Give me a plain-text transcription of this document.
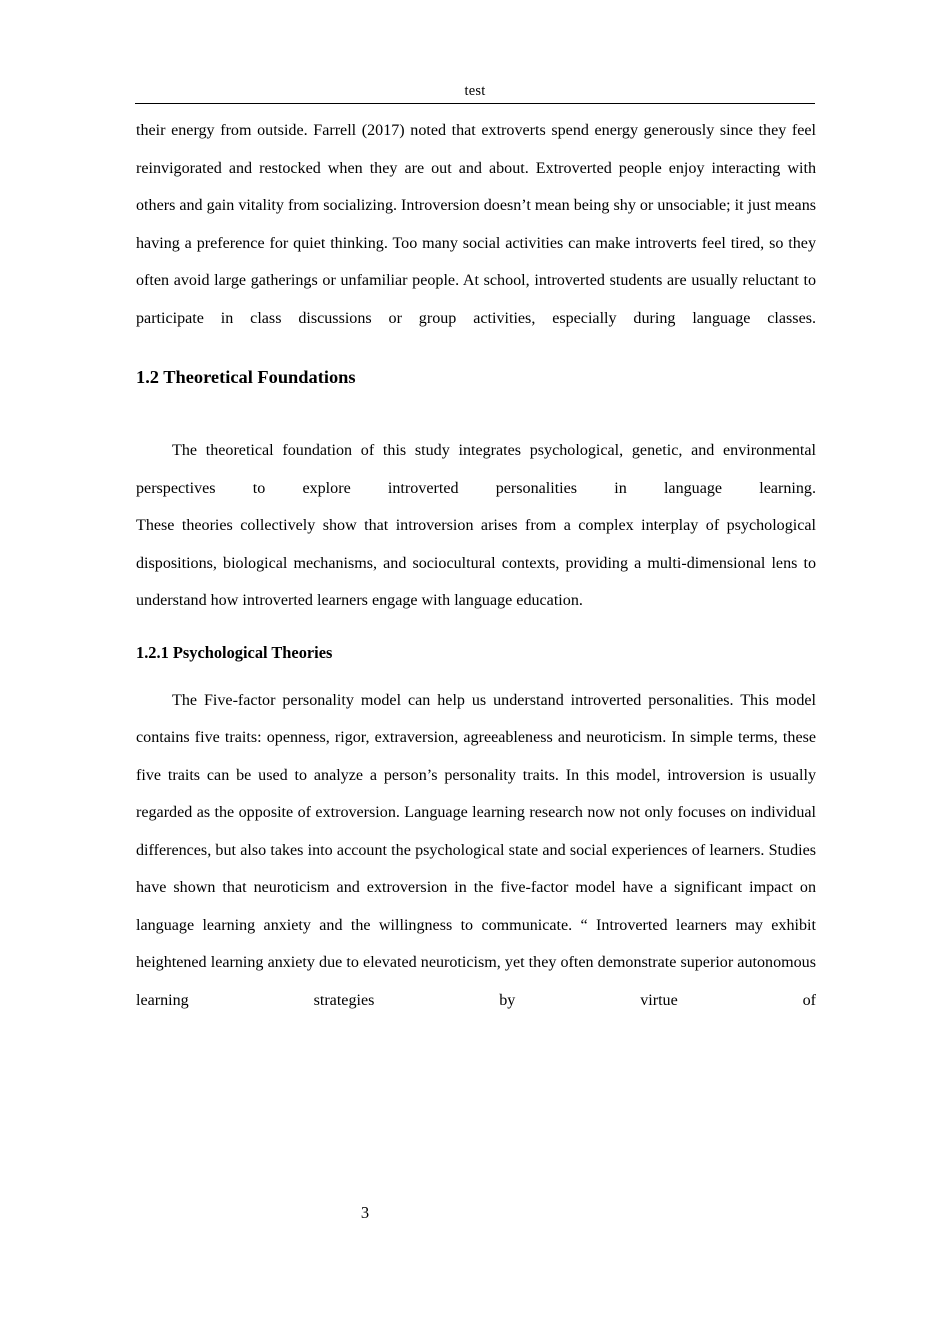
test

their energy from outside. Farrell (2017) noted that extroverts spend energy generously since they feel reinvigorated and restocked when they are out and about. Extroverted people enjoy interacting with others and gain vitality from socializing. Introversion doesn’t mean being shy or unsociable; it just means having a preference for quiet thinking. Too many social activities can make introverts feel tired, so they often avoid large gatherings or unfamiliar people. At school, introverted students are usually reluctant to participate in class discussions or group activities, especially during language classes.

1.2 Theoretical Foundations

The theoretical foundation of this study integrates psychological, genetic, and environmental perspectives to explore introverted personalities in language learning.

These theories collectively show that introversion arises from a complex interplay of psychological dispositions, biological mechanisms, and sociocultural contexts, providing a multi-dimensional lens to understand how introverted learners engage with language education.

1.2.1 Psychological Theories

The Five-factor personality model can help us understand introverted personalities. This model contains five traits: openness, rigor, extraversion, agreeableness and neuroticism. In simple terms, these five traits can be used to analyze a person’s personality traits. In this model, introversion is usually regarded as the opposite of extroversion. Language learning research now not only focuses on individual differences, but also takes into account the psychological state and social experiences of learners. Studies have shown that neuroticism and extroversion in the five-factor model have a significant impact on language learning anxiety and the willingness to communicate. “ Introverted learners may exhibit heightened learning anxiety due to elevated neuroticism, yet they often demonstrate superior autonomous learning strategies by virtue of

3
